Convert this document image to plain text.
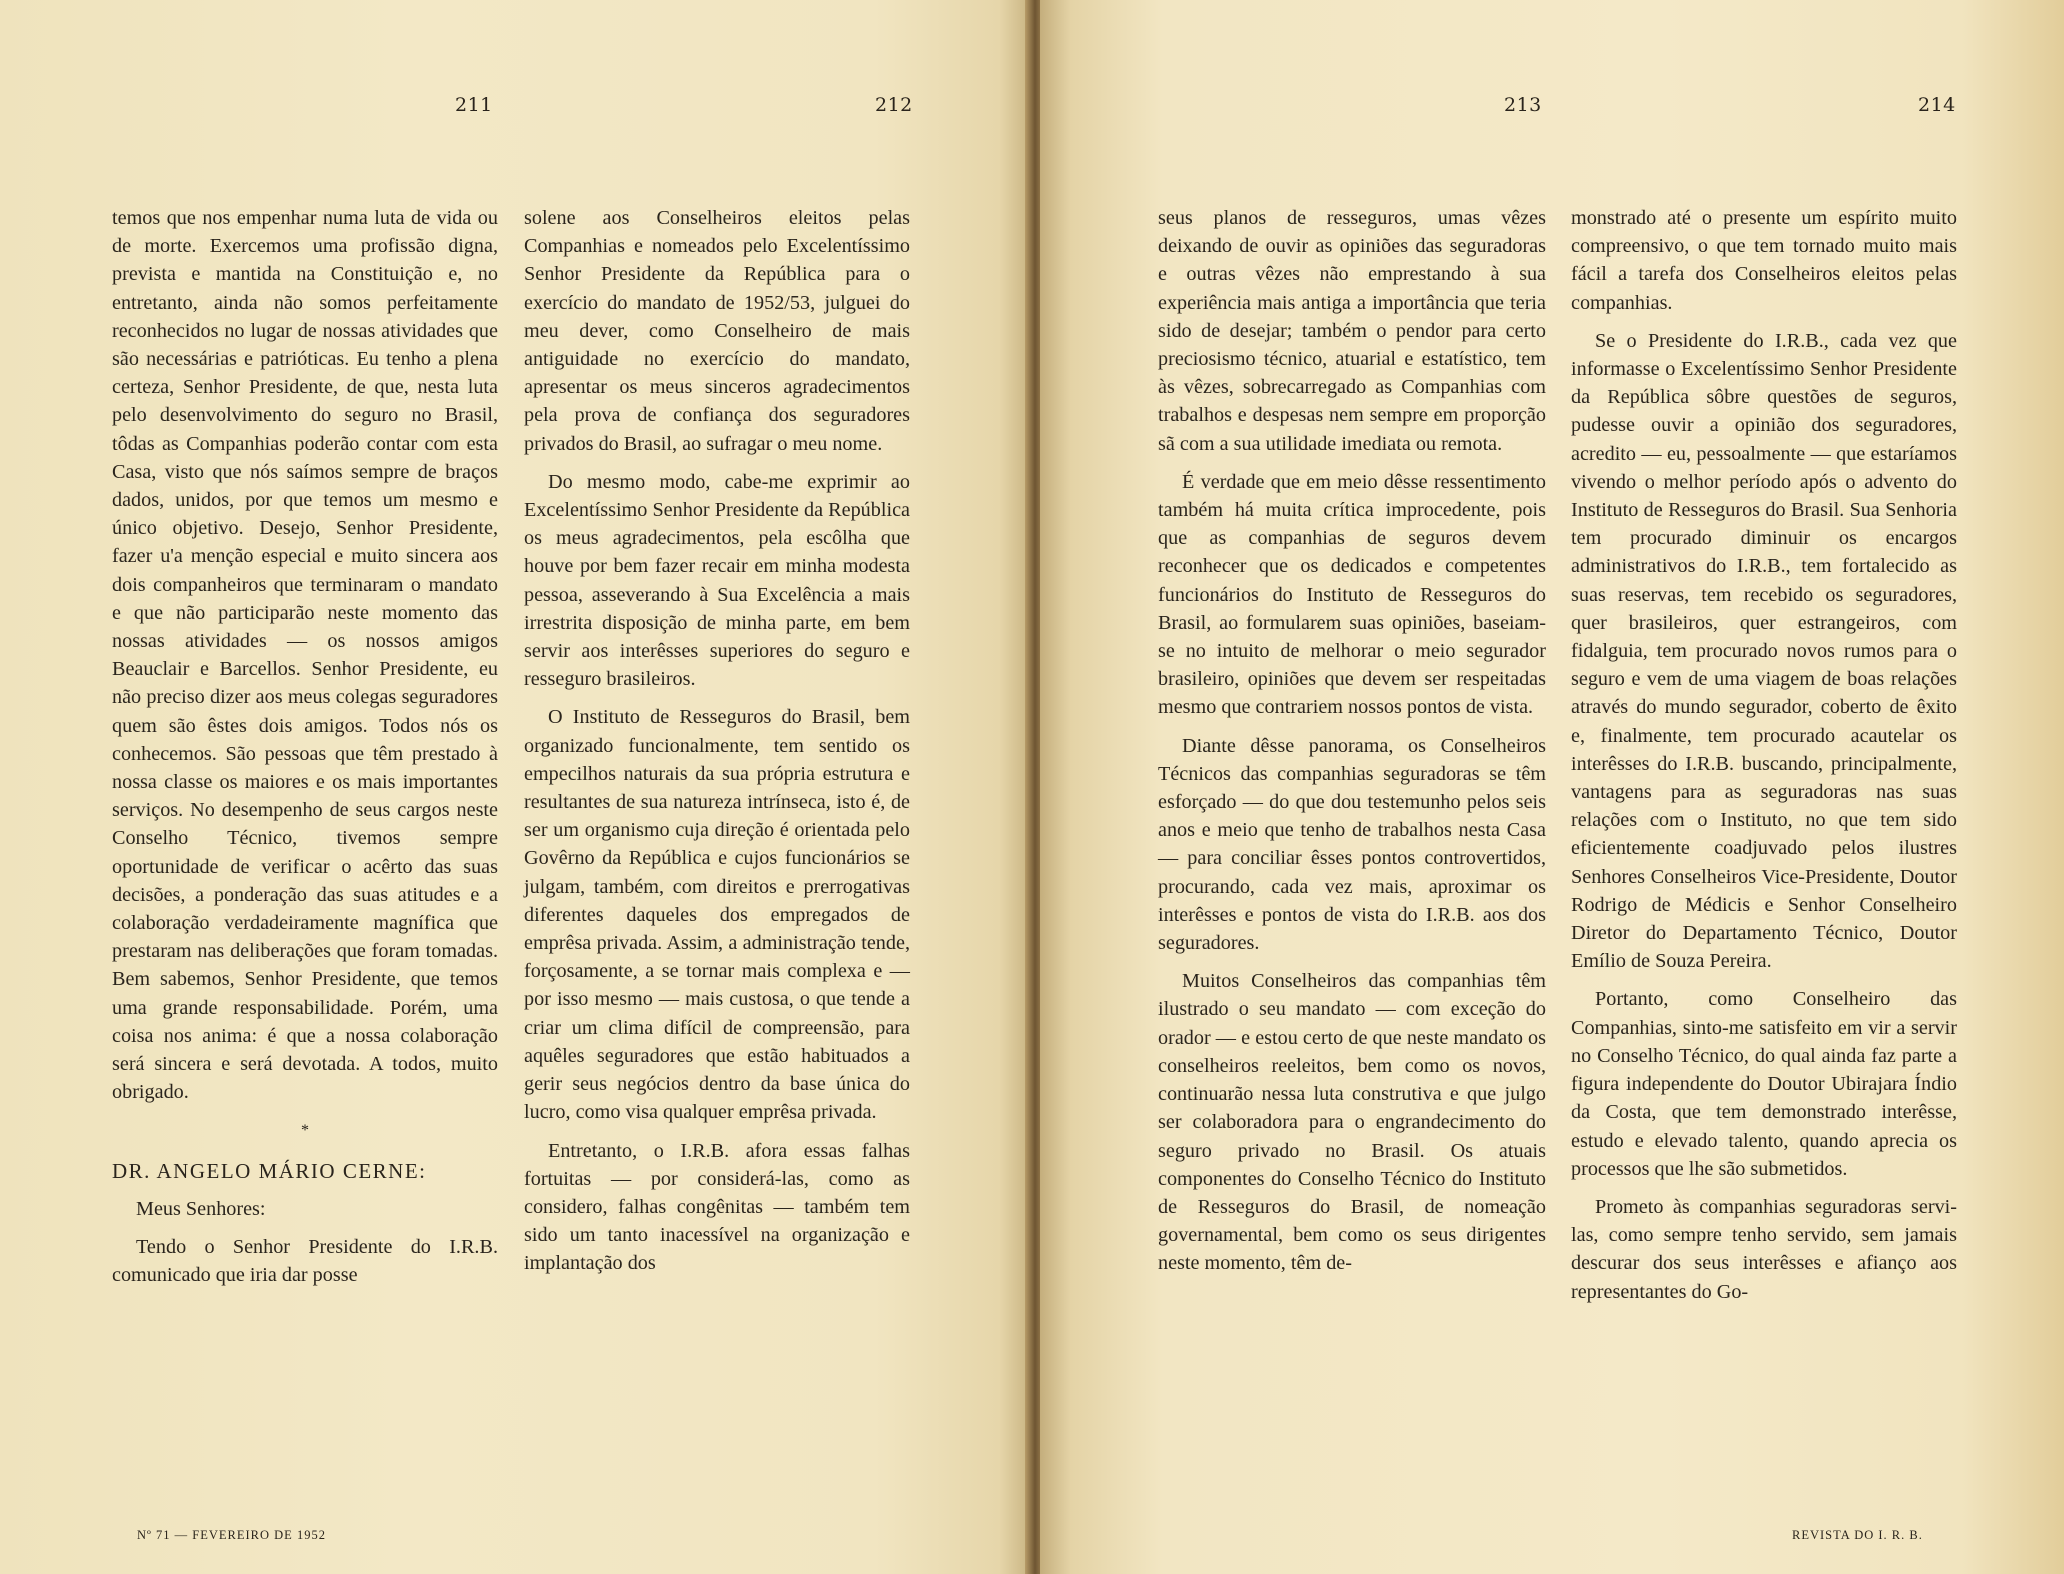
211	212

temos que nos empenhar numa luta de vida ou de morte. Exercemos uma profissão digna, prevista e mantida na Constituição e, no entretanto, ainda não somos perfeitamente reconhecidos no lugar de nossas atividades que são necessárias e patrióticas. Eu tenho a plena certeza, Senhor Presidente, de que, nesta luta pelo desenvolvimento do seguro no Brasil, tôdas as Companhias poderão contar com esta Casa, visto que nós saímos sempre de braços dados, unidos, por que temos um mesmo e único objetivo. Desejo, Senhor Presidente, fazer u'a menção especial e muito sincera aos dois companheiros que terminaram o mandato e que não participarão neste momento das nossas atividades — os nossos amigos Beauclair e Barcellos. Senhor Presidente, eu não preciso dizer aos meus colegas seguradores quem são êstes dois amigos. Todos nós os conhecemos. São pessoas que têm prestado à nossa classe os maiores e os mais importantes serviços. No desempenho de seus cargos neste Conselho Técnico, tivemos sempre oportunidade de verificar o acêrto das suas decisões, a ponderação das suas atitudes e a colaboração verdadeiramente magnífica que prestaram nas deliberações que foram tomadas. Bem sabemos, Senhor Presidente, que temos uma grande responsabilidade. Porém, uma coisa nos anima: é que a nossa colaboração será sincera e será devotada. A todos, muito obrigado.

*

DR. ANGELO MÁRIO CERNE:

Meus Senhores:

Tendo o Senhor Presidente do I.R.B. comunicado que iria dar posse

solene aos Conselheiros eleitos pelas Companhias e nomeados pelo Excelentíssimo Senhor Presidente da República para o exercício do mandato de 1952/53, julguei do meu dever, como Conselheiro de mais antiguidade no exercício do mandato, apresentar os meus sinceros agradecimentos pela prova de confiança dos seguradores privados do Brasil, ao sufragar o meu nome.

Do mesmo modo, cabe-me exprimir ao Excelentíssimo Senhor Presidente da República os meus agradecimentos, pela escôlha que houve por bem fazer recair em minha modesta pessoa, asseverando à Sua Excelência a mais irrestrita disposição de minha parte, em bem servir aos interêsses superiores do seguro e resseguro brasileiros.

O Instituto de Resseguros do Brasil, bem organizado funcionalmente, tem sentido os empecilhos naturais da sua própria estrutura e resultantes de sua natureza intrínseca, isto é, de ser um organismo cuja direção é orientada pelo Govêrno da República e cujos funcionários se julgam, também, com direitos e prerrogativas diferentes daqueles dos empregados de emprêsa privada. Assim, a administração tende, forçosamente, a se tornar mais complexa e — por isso mesmo — mais custosa, o que tende a criar um clima difícil de compreensão, para aquêles seguradores que estão habituados a gerir seus negócios dentro da base única do lucro, como visa qualquer emprêsa privada.

Entretanto, o I.R.B. afora essas falhas fortuitas — por considerá-las, como as considero, falhas congênitas — também tem sido um tanto inacessível na organização e implantação dos

Nº 71 — FEVEREIRO DE 1952
213	214

seus planos de resseguros, umas vêzes deixando de ouvir as opiniões das seguradoras e outras vêzes não emprestando à sua experiência mais antiga a importância que teria sido de desejar; também o pendor para certo preciosismo técnico, atuarial e estatístico, tem às vêzes, sobrecarregado as Companhias com trabalhos e despesas nem sempre em proporção sã com a sua utilidade imediata ou remota.

É verdade que em meio dêsse ressentimento também há muita crítica improcedente, pois que as companhias de seguros devem reconhecer que os dedicados e competentes funcionários do Instituto de Resseguros do Brasil, ao formularem suas opiniões, baseiam-se no intuito de melhorar o meio segurador brasileiro, opiniões que devem ser respeitadas mesmo que contrariem nossos pontos de vista.

Diante dêsse panorama, os Conselheiros Técnicos das companhias seguradoras se têm esforçado — do que dou testemunho pelos seis anos e meio que tenho de trabalhos nesta Casa — para conciliar êsses pontos controvertidos, procurando, cada vez mais, aproximar os interêsses e pontos de vista do I.R.B. aos dos seguradores.

Muitos Conselheiros das companhias têm ilustrado o seu mandato — com exceção do orador — e estou certo de que neste mandato os conselheiros reeleitos, bem como os novos, continuarão nessa luta construtiva e que julgo ser colaboradora para o engrandecimento do seguro privado no Brasil. Os atuais componentes do Conselho Técnico do Instituto de Resseguros do Brasil, de nomeação governamental, bem como os seus dirigentes neste momento, têm de-

monstrado até o presente um espírito muito compreensivo, o que tem tornado muito mais fácil a tarefa dos Conselheiros eleitos pelas companhias.

Se o Presidente do I.R.B., cada vez que informasse o Excelentíssimo Senhor Presidente da República sôbre questões de seguros, pudesse ouvir a opinião dos seguradores, acredito — eu, pessoalmente — que estaríamos vivendo o melhor período após o advento do Instituto de Resseguros do Brasil. Sua Senhoria tem procurado diminuir os encargos administrativos do I.R.B., tem fortalecido as suas reservas, tem recebido os seguradores, quer brasileiros, quer estrangeiros, com fidalguia, tem procurado novos rumos para o seguro e vem de uma viagem de boas relações através do mundo segurador, coberto de êxito e, finalmente, tem procurado acautelar os interêsses do I.R.B. buscando, principalmente, vantagens para as seguradoras nas suas relações com o Instituto, no que tem sido eficientemente coadjuvado pelos ilustres Senhores Conselheiros Vice-Presidente, Doutor Rodrigo de Médicis e Senhor Conselheiro Diretor do Departamento Técnico, Doutor Emílio de Souza Pereira.

Portanto, como Conselheiro das Companhias, sinto-me satisfeito em vir a servir no Conselho Técnico, do qual ainda faz parte a figura independente do Doutor Ubirajara Índio da Costa, que tem demonstrado interêsse, estudo e elevado talento, quando aprecia os processos que lhe são submetidos.

Prometo às companhias seguradoras servi-las, como sempre tenho servido, sem jamais descurar dos seus interêsses e afianço aos representantes do Go-

REVISTA DO I. R. B.
